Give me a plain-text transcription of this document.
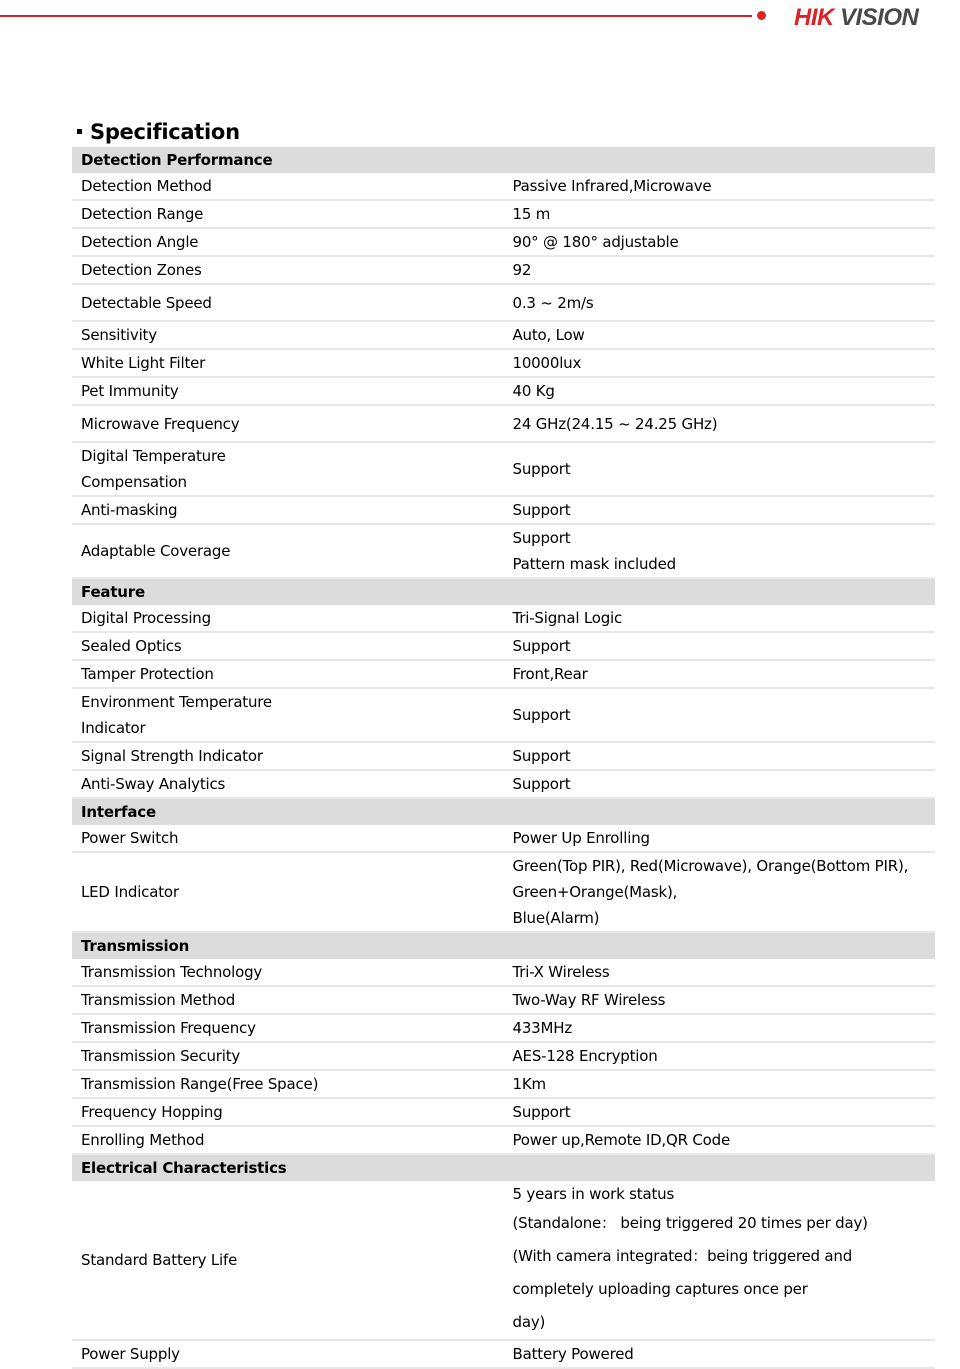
HIK VISION
Specification
Detection Performance	

Detection Method	Passive Infrared,Microwave

Detection Range	15 m

Detection Angle	90° @ 180° adjustable

Detection Zones	92

Detectable Speed	0.3 ~ 2m/s

Sensitivity	Auto, Low

White Light Filter	10000lux

Pet Immunity	40 Kg

Microwave Frequency	24 GHz(24.15 ~ 24.25 GHz)

Digital Temperature
Compensation	Support

Anti-masking	Support

Adaptable Coverage	Support
Pattern mask included

Feature	

Digital Processing	Tri-Signal Logic

Sealed Optics	Support

Tamper Protection	Front,Rear

Environment Temperature
Indicator	Support

Signal Strength Indicator	Support

Anti-Sway Analytics	Support

Interface	

Power Switch	Power Up Enrolling

LED Indicator	Green(Top PIR), Red(Microwave), Orange(Bottom PIR), Green+Orange(Mask),
Blue(Alarm)

Transmission	

Transmission Technology	Tri-X Wireless

Transmission Method	Two-Way RF Wireless

Transmission Frequency	433MHz

Transmission Security	AES-128 Encryption

Transmission Range(Free Space)	1Km

Frequency Hopping	Support

Enrolling Method	Power up,Remote ID,QR Code

Electrical Characteristics	

Standard Battery Life	5 years in work status
(Standalone： being triggered 20 times per day)
(With camera integrated：being triggered and completely uploading captures once per
day)

Power Supply	Battery Powered
